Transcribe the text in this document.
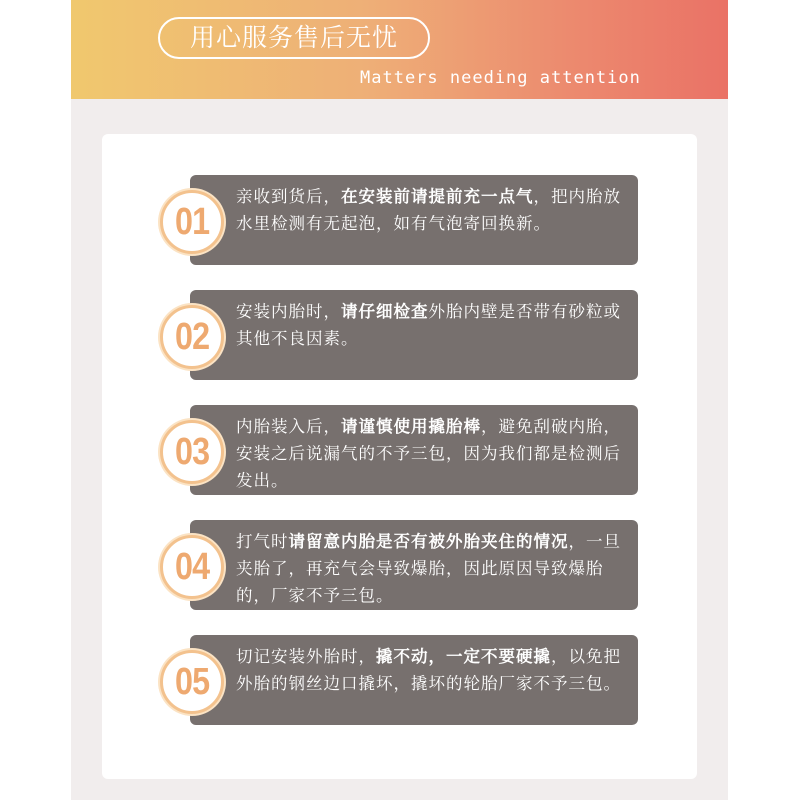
用心服务售后无忧
Matters needing attention
亲收到货后，在安装前请提前充一点气，把内胎放水里检测有无起泡，如有气泡寄回换新。
01
安装内胎时，请仔细检查外胎内壁是否带有砂粒或其他不良因素。
02
内胎装入后，请谨慎使用撬胎棒，避免刮破内胎，安装之后说漏气的不予三包，因为我们都是检测后发出。
03
打气时请留意内胎是否有被外胎夹住的情况，一旦夹胎了，再充气会导致爆胎，因此原因导致爆胎的，厂家不予三包。
04
切记安装外胎时，撬不动，一定不要硬撬，以免把外胎的钢丝边口撬坏，撬坏的轮胎厂家不予三包。
05
